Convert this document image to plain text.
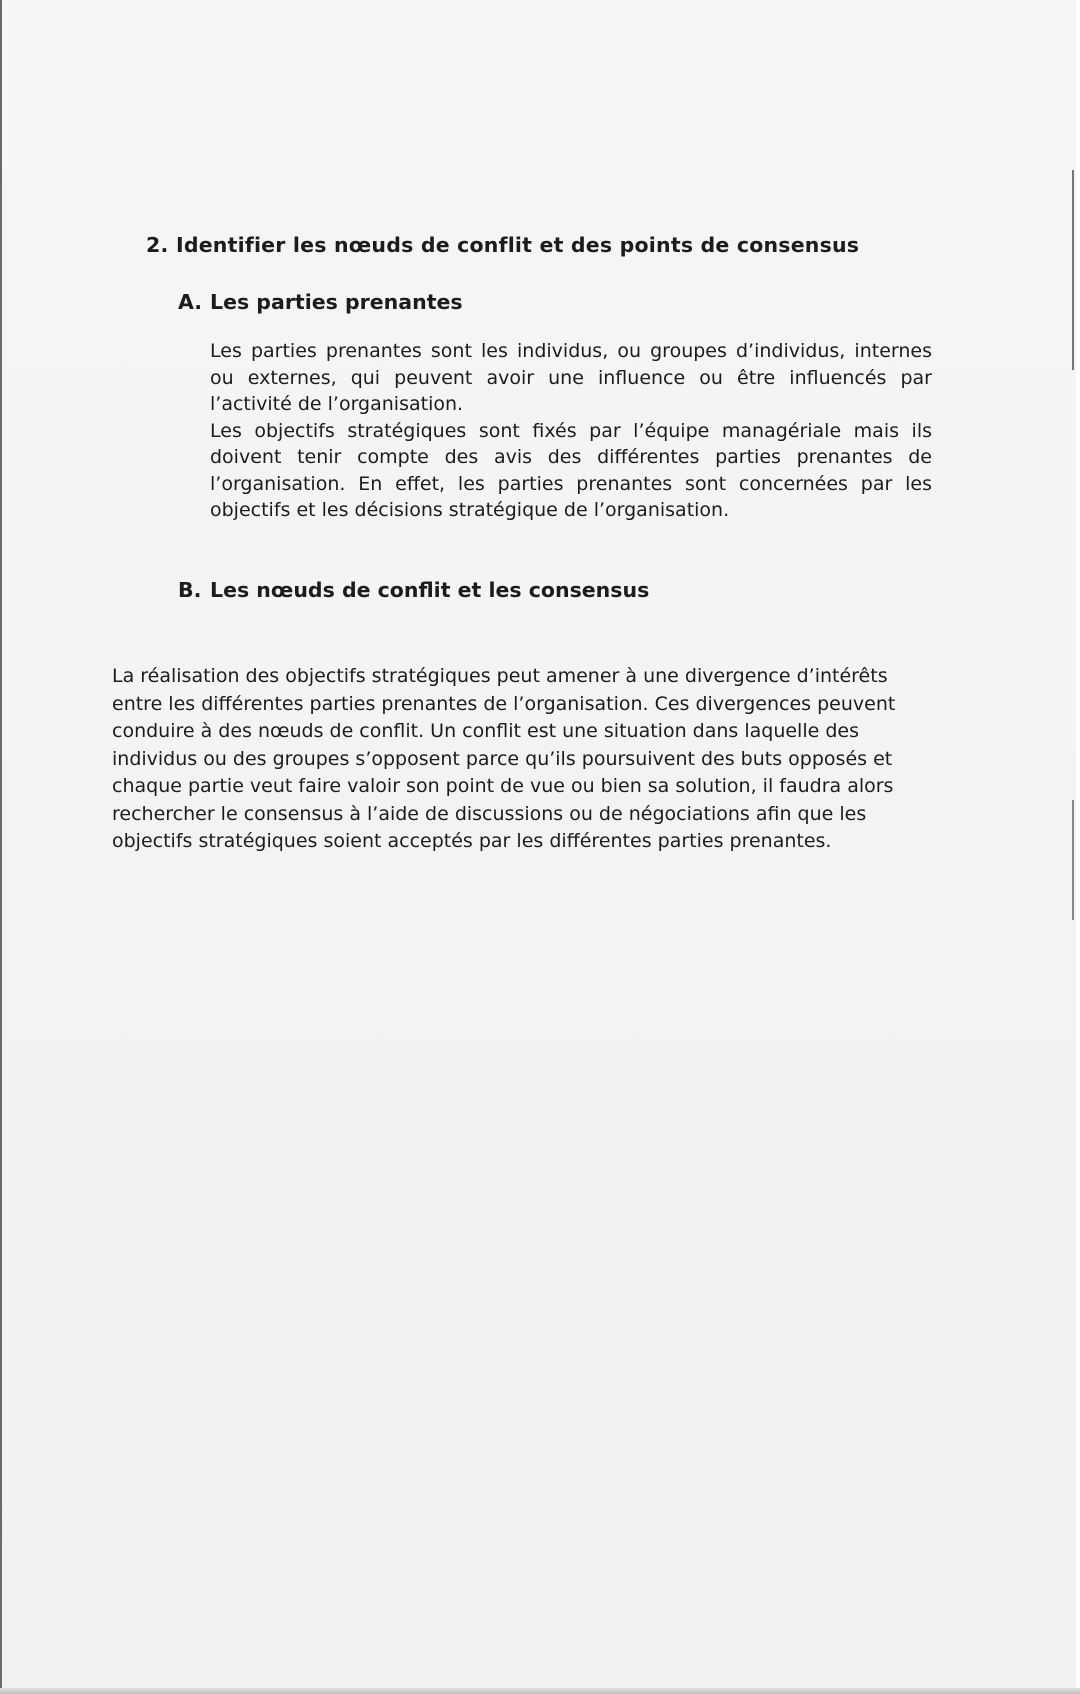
2. Identifier les nœuds de conflit et des points de consensus
A. Les parties prenantes

Les parties prenantes sont les individus, ou groupes d’individus, internes ou externes, qui peuvent avoir une influence ou être influencés par l’activité de l’organisation.

Les objectifs stratégiques sont fixés par l’équipe managériale mais ils doivent tenir compte des avis des différentes parties prenantes de l’organisation. En effet, les parties prenantes sont concernées par les objectifs et les décisions stratégique de l’organisation.

B. Les nœuds de conflit et les consensus
La réalisation des objectifs stratégiques peut amener à une divergence d’intérêts entre les différentes parties prenantes de l’organisation. Ces divergences peuvent conduire à des nœuds de conflit. Un conflit est une situation dans laquelle des individus ou des groupes s’opposent parce qu’ils poursuivent des buts opposés et chaque partie veut faire valoir son point de vue ou bien sa solution, il faudra alors rechercher le consensus à l’aide de discussions ou de négociations afin que les objectifs stratégiques soient acceptés par les différentes parties prenantes.
